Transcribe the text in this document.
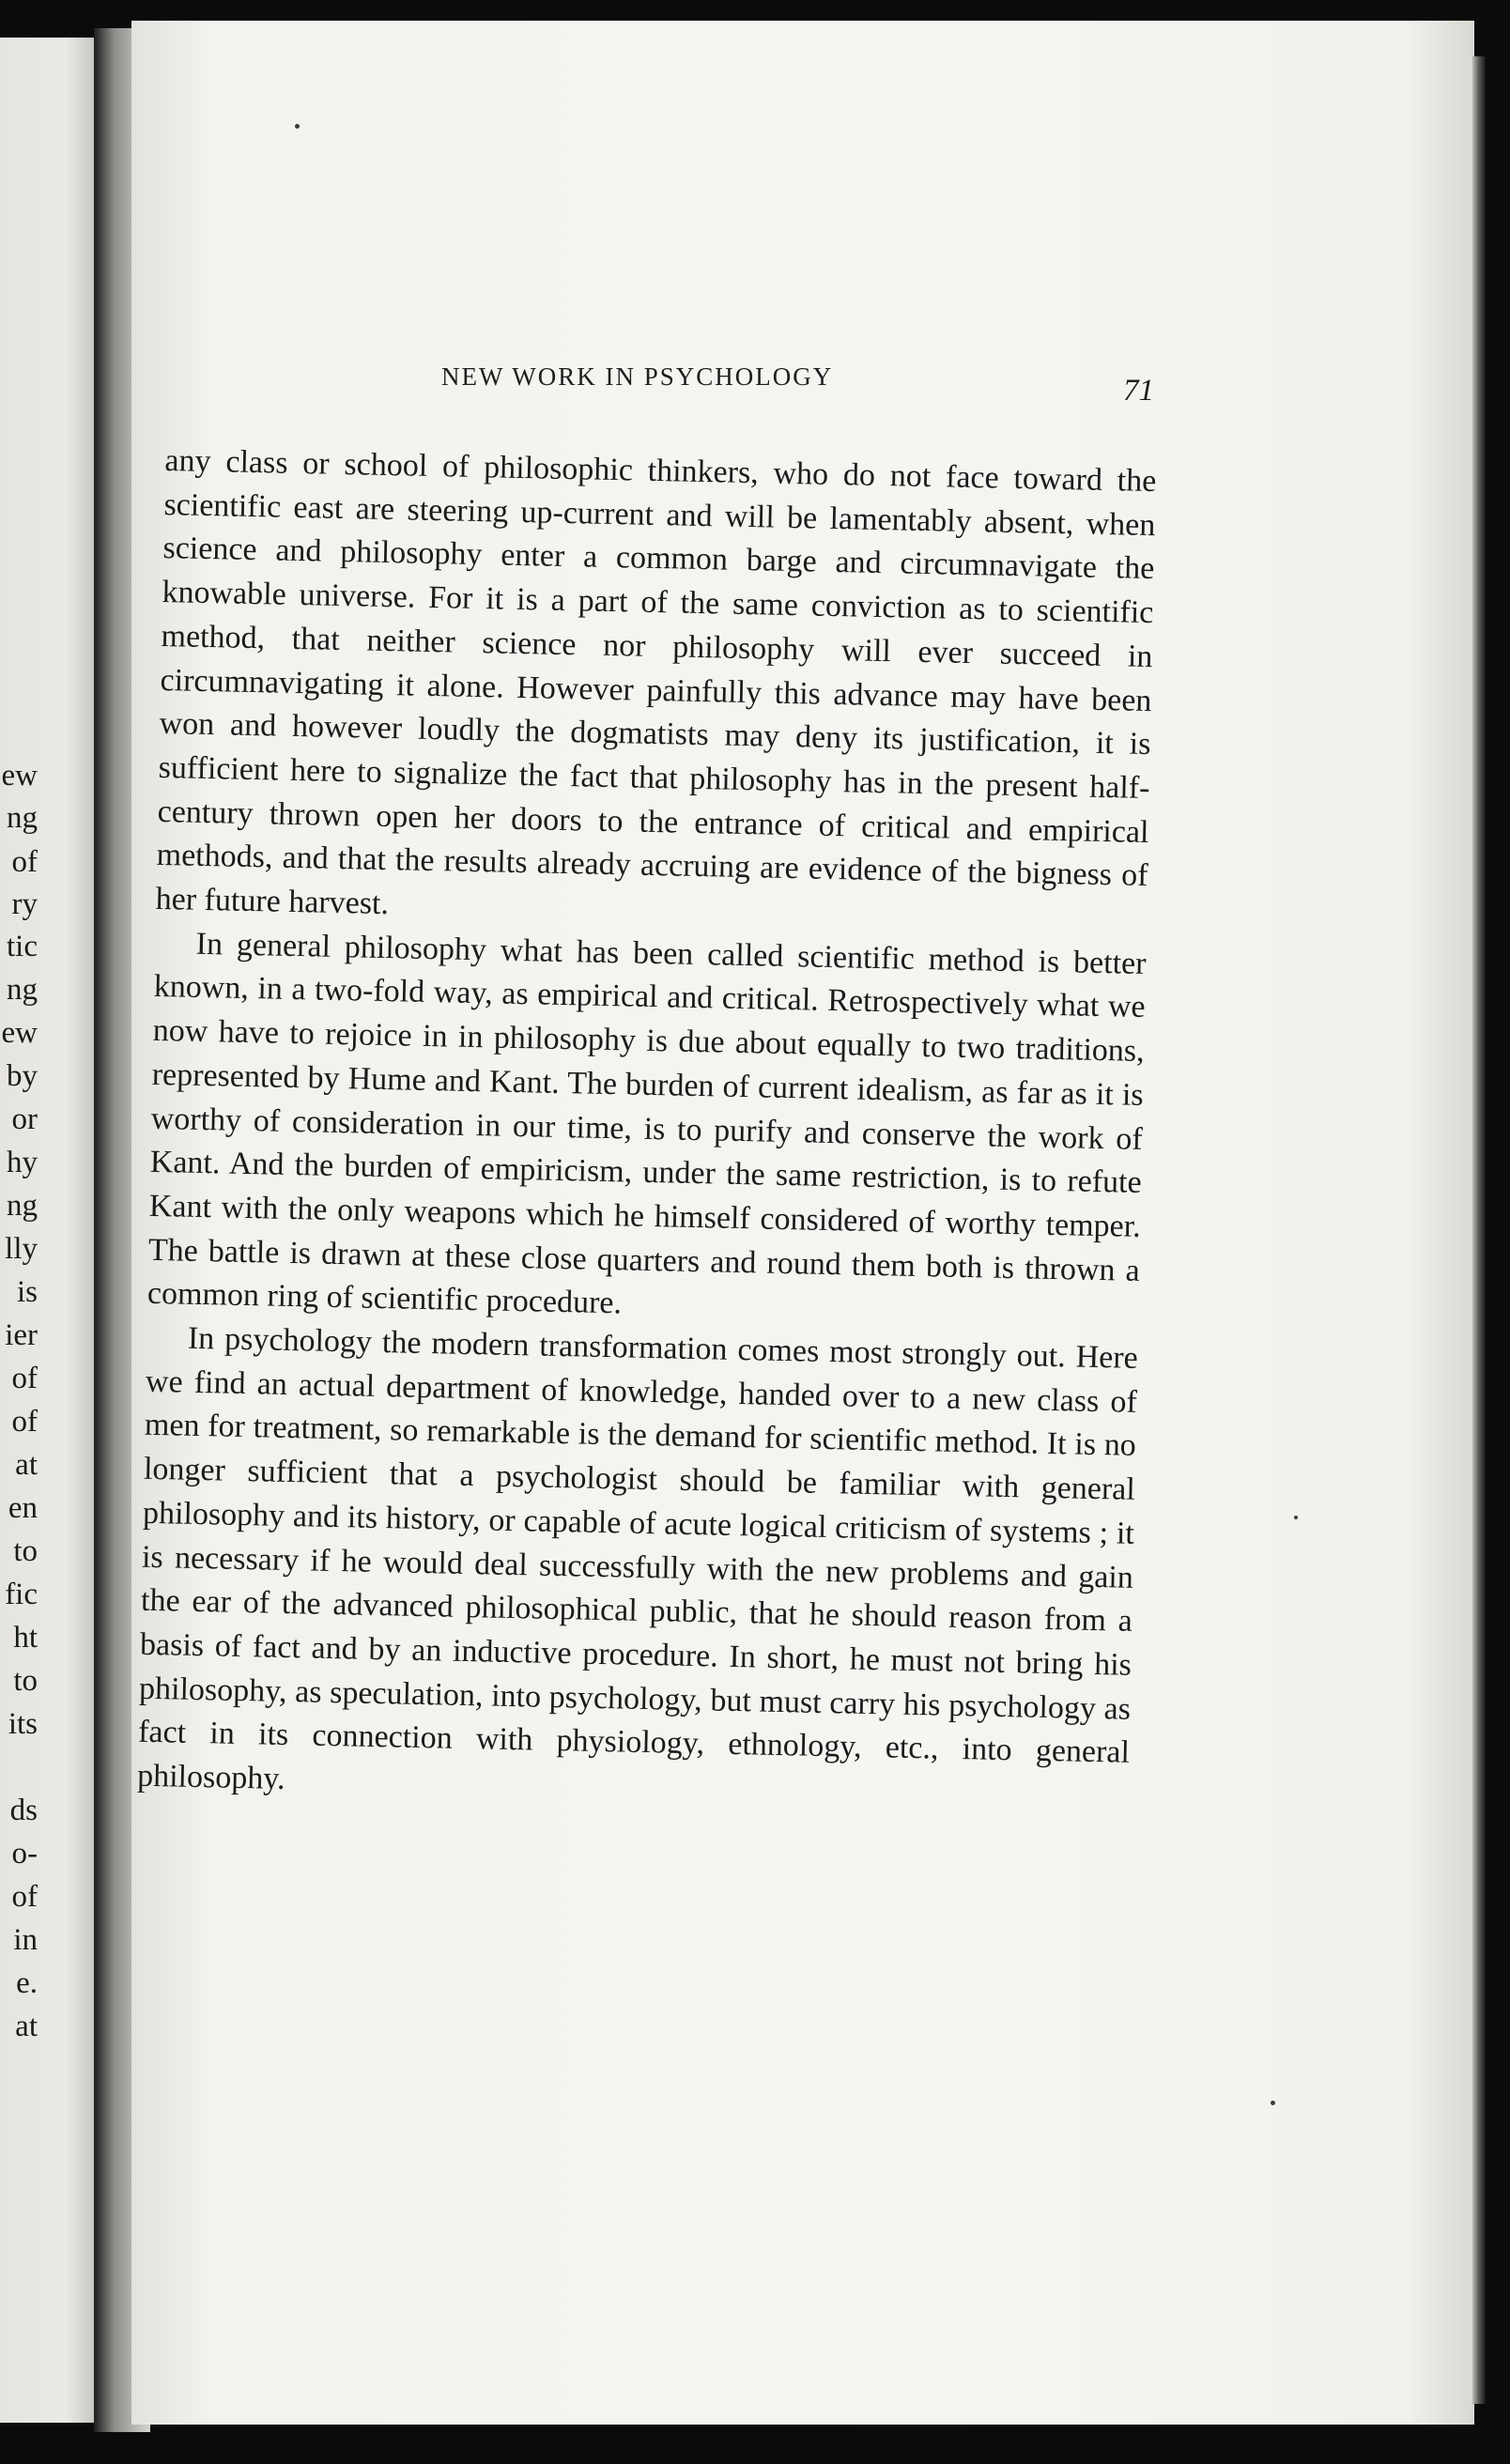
ew
ng
of
ry
tic
ng
ew
by
or
hy
ng
lly
is
ier
of
of
at
en
to
fic
ht
to
its
ds
o-
of
in
e.
at
NEW WORK IN PSYCHOLOGY	71

any class or school of philosophic thinkers, who do not face toward the scientific east are steering up-current and will be lamentably absent, when science and philosophy enter a common barge and circumnavigate the knowable universe. For it is a part of the same conviction as to scientific method, that neither science nor philosophy will ever succeed in circumnavigating it alone. However painfully this advance may have been won and however loudly the dogmatists may deny its justification, it is sufficient here to signalize the fact that philosophy has in the present half-century thrown open her doors to the entrance of critical and empirical methods, and that the results already accruing are evidence of the bigness of her future harvest.

In general philosophy what has been called scientific method is better known, in a two-fold way, as empirical and critical. Retrospectively what we now have to rejoice in in philosophy is due about equally to two traditions, represented by Hume and Kant. The burden of current idealism, as far as it is worthy of consideration in our time, is to purify and conserve the work of Kant. And the burden of empiricism, under the same restriction, is to refute Kant with the only weapons which he himself considered of worthy temper. The battle is drawn at these close quarters and round them both is thrown a common ring of scientific procedure.

In psychology the modern transformation comes most strongly out. Here we find an actual department of knowledge, handed over to a new class of men for treatment, so remarkable is the demand for scientific method. It is no longer sufficient that a psychologist should be familiar with general philosophy and its history, or capable of acute logical criticism of systems ; it is necessary if he would deal successfully with the new problems and gain the ear of the advanced philosophical public, that he should reason from a basis of fact and by an inductive procedure. In short, he must not bring his philosophy, as speculation, into psychology, but must carry his psychology as fact in its connection with physiology, ethnology, etc., into general philosophy.
